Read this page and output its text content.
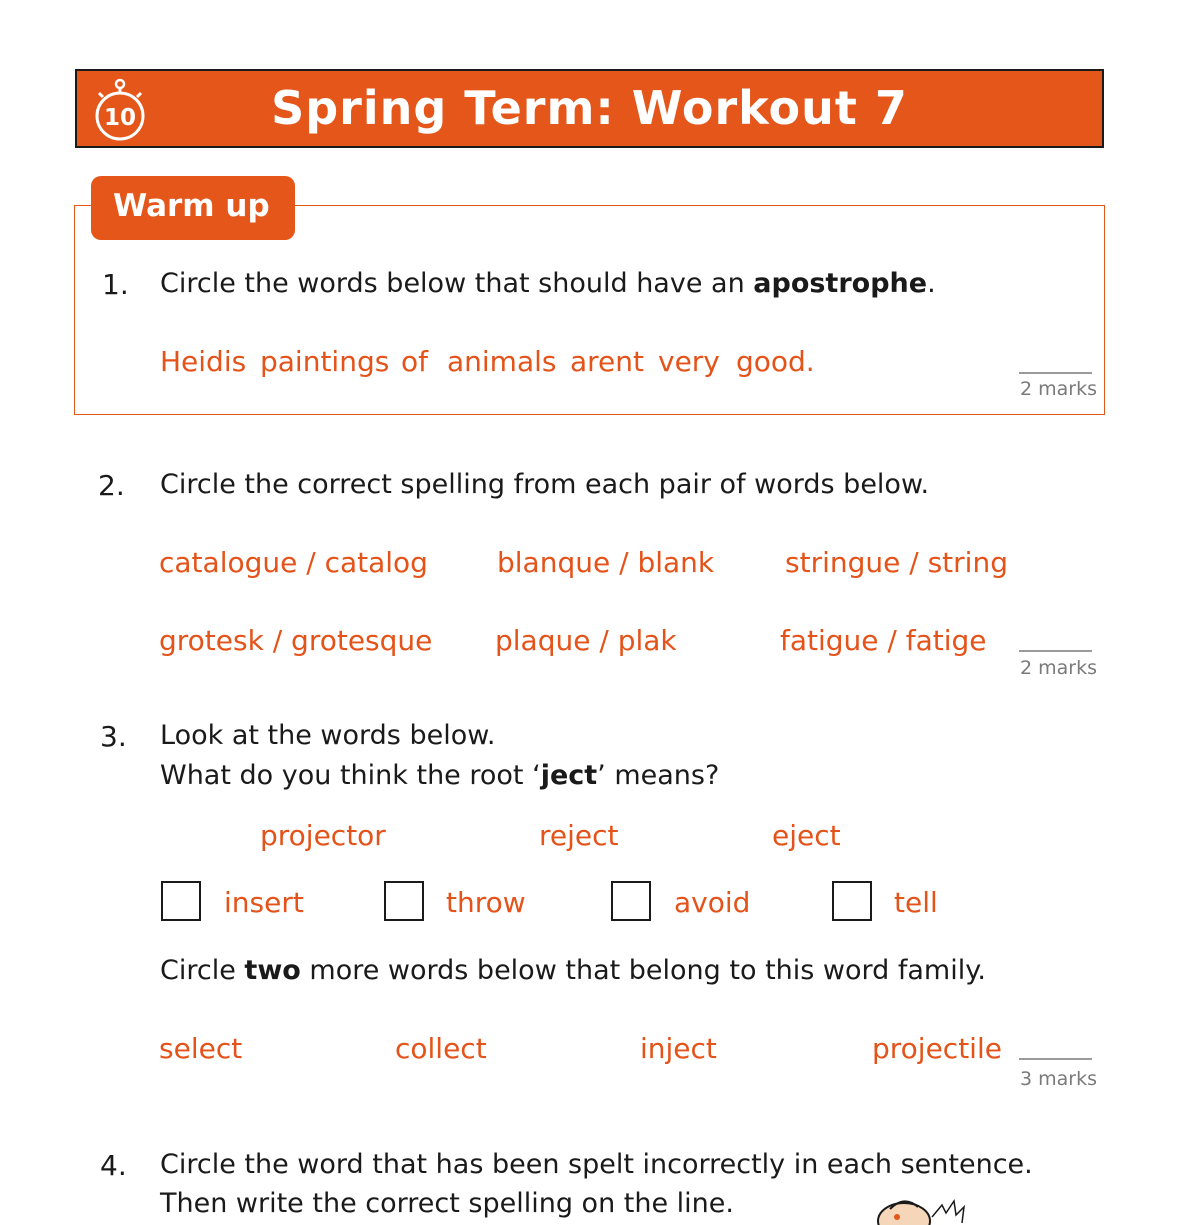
10	Spring Term: Workout 7
Warm up
1. Circle the words below that should have an apostrophe.
Heidis paintings of animals arent very good.
2 marks
2. Circle the correct spelling from each pair of words below.
catalogue / catalog blanque / blank	stringue / string
grotesk / grotesque plaque / plak	fatigue / fatige
2 marks
3. Look at the words below.
What do you think the root ‘ject’ means?
projector	reject	eject
insert	throw	avoid	tell
Circle two more words below that belong to this word family.
select	collect	inject	projectile
3 marks
4. Circle the word that has been spelt incorrectly in each sentence.
Then write the correct spelling on the line.
